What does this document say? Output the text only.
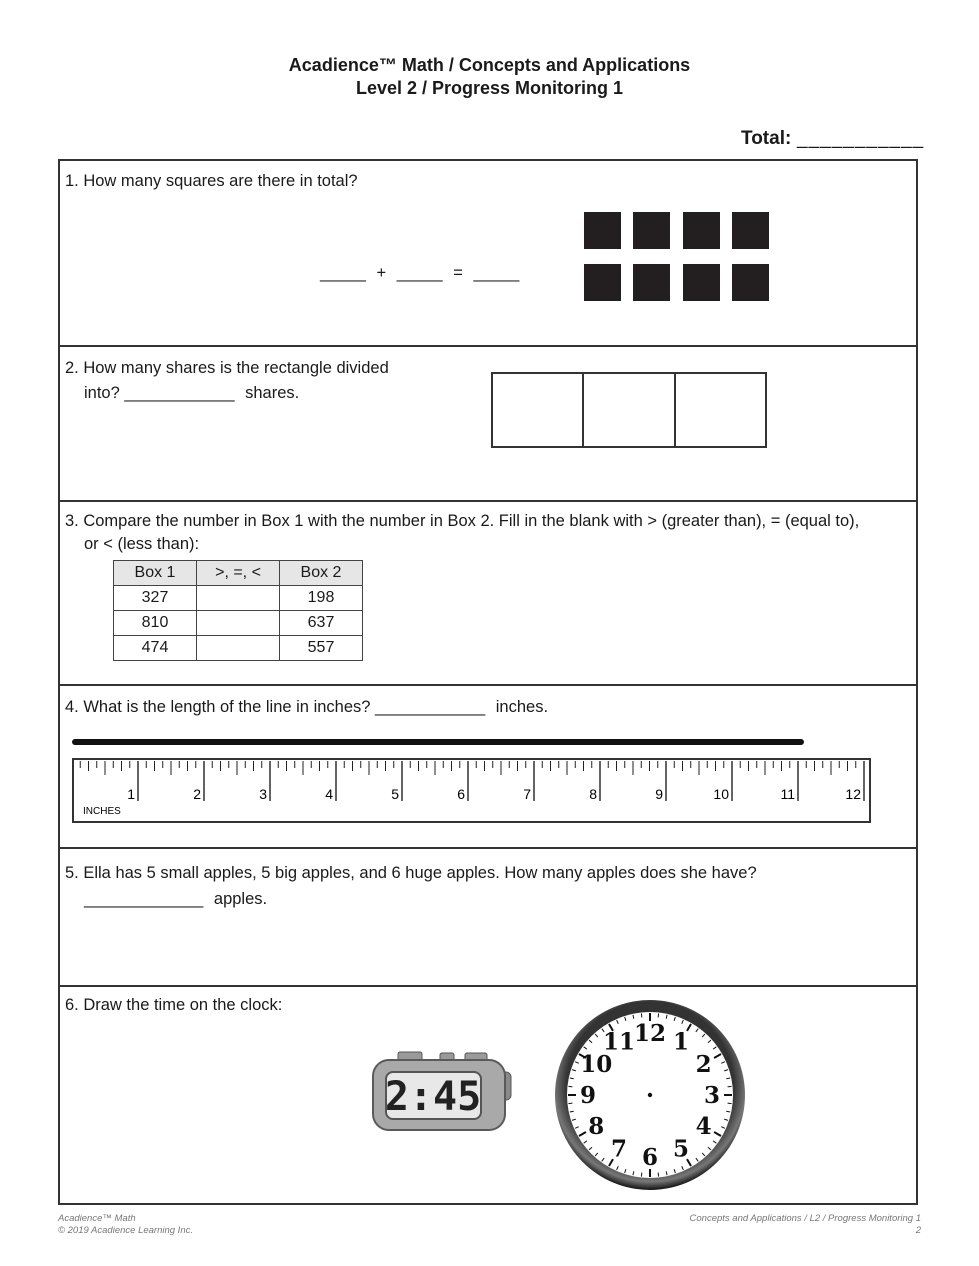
Acadience™ Math / Concepts and Applications
Level 2 / Progress Monitoring 1
Total: ___________
1. How many squares are there in total?
_____ + _____ = _____
2. How many shares is the rectangle divided
into? ____________ shares.
3. Compare the number in Box 1 with the number in Box 2. Fill in the blank with > (greater than), = (equal to),
or < (less than):
Box 1	>, =, <	Box 2
327		198
810		637
474		557
4. What is the length of the line in inches? ____________ inches.
1	2	3	4	5	6	7	8	9	10	11	12
INCHES
5. Ella has 5 small apples, 5 big apples, and 6 huge apples. How many apples does she have?
_____________ apples.
6. Draw the time on the clock:
2:45
12 1
2
3
4
5
6
7
8
9
10
11
Acadience™ Math
© 2019 Acadience Learning Inc.
Concepts and Applications / L2 / Progress Monitoring 1
2
